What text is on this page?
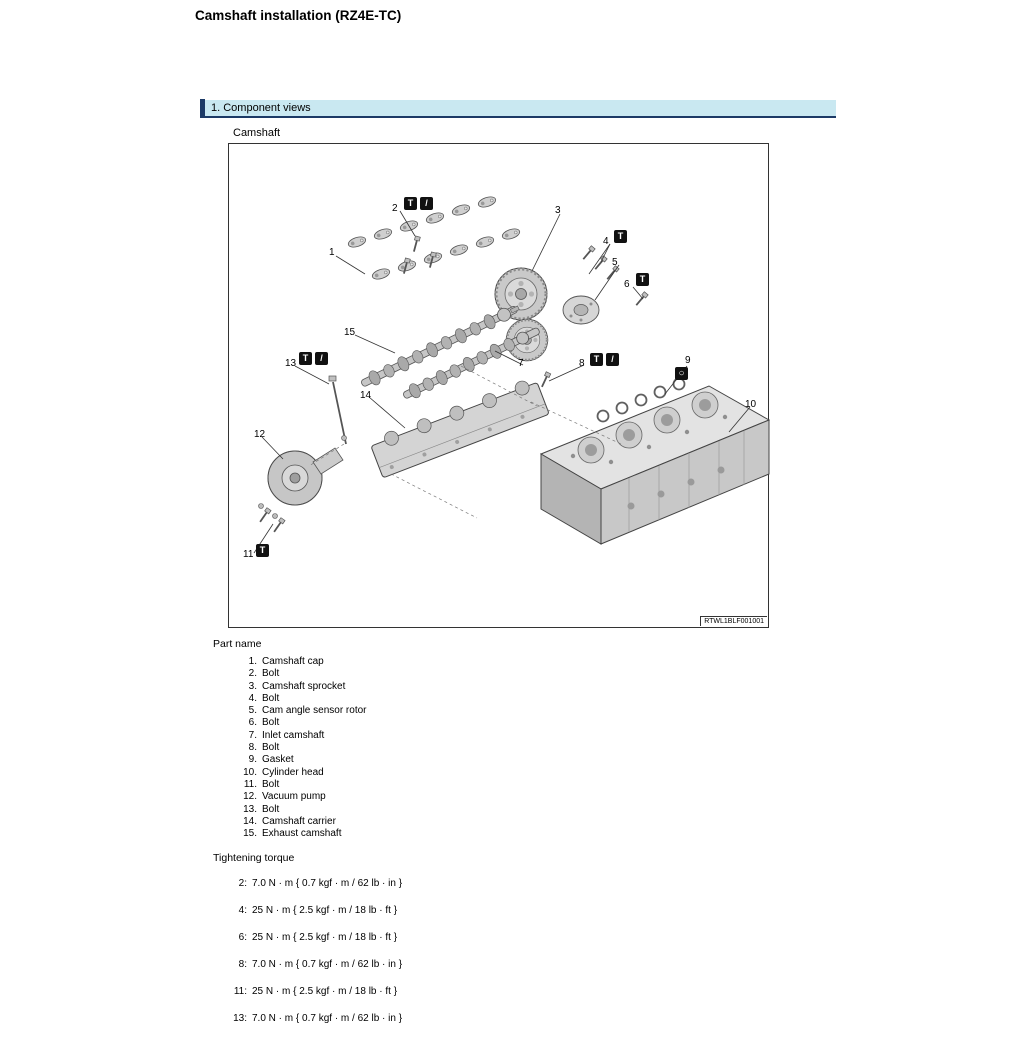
Camshaft installation (RZ4E-TC)
1. Component views
Camshaft
1
2	3
4
5
6
7	8	9
10
11
12
13
14
15
T	/
T
T
T	/
○
T
T	/
RTWL1BLF001001
Part name
1. Camshaft cap
2. Bolt
3. Camshaft sprocket
4. Bolt
5. Cam angle sensor rotor
6. Bolt
7. Inlet camshaft
8. Bolt
9. Gasket
10. Cylinder head
11. Bolt
12. Vacuum pump
13. Bolt
14. Camshaft carrier
15. Exhaust camshaft
Tightening torque
2: 7.0 N · m { 0.7 kgf · m / 62 lb · in }
4: 25 N · m { 2.5 kgf · m / 18 lb · ft }
6: 25 N · m { 2.5 kgf · m / 18 lb · ft }
8: 7.0 N · m { 0.7 kgf · m / 62 lb · in }
11: 25 N · m { 2.5 kgf · m / 18 lb · ft }
13: 7.0 N · m { 0.7 kgf · m / 62 lb · in }
